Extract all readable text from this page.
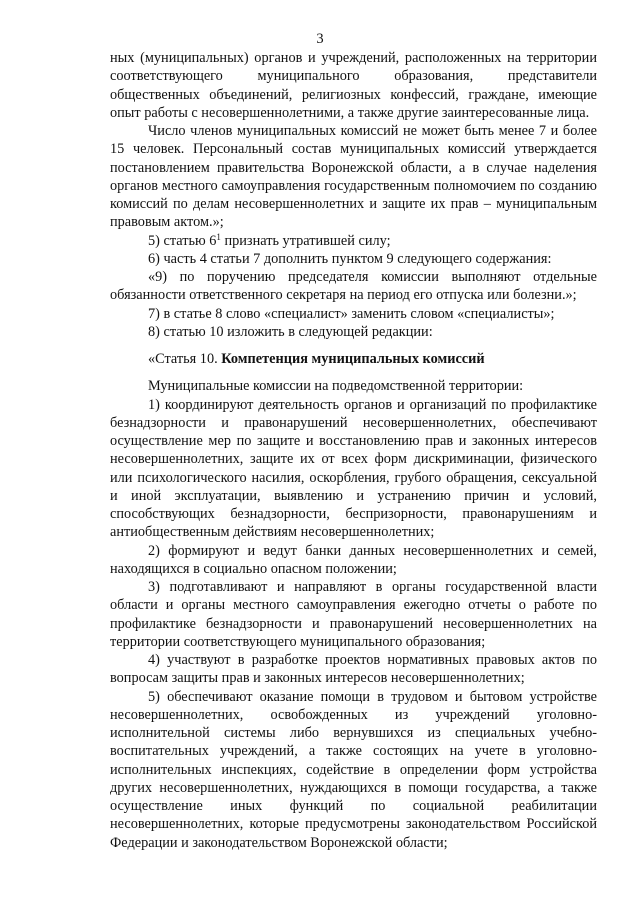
3

ных (муниципальных) органов и учреждений, расположенных на территории соответствующего муниципального образования, представители общественных объединений, религиозных конфессий, граждане, имеющие опыт работы с несовершеннолетними, а также другие заинтересованные лица.

Число членов муниципальных комиссий не может быть менее 7 и более 15 человек. Персональный состав муниципальных комиссий утверждается постановлением правительства Воронежской области, а в случае наделения органов местного самоуправления государственным полномочием по созданию комиссий по делам несовершеннолетних и защите их прав – муниципальным правовым актом.»;

5) статью $6^1$ признать утратившей силу;

6) часть 4 статьи 7 дополнить пунктом 9 следующего содержания:

«9) по поручению председателя комиссии выполняют отдельные обязанности ответственного секретаря на период его отпуска или болезни.»;

7) в статье 8 слово «специалист» заменить словом «специалисты»;

8) статью 10 изложить в следующей редакции:

«Статья 10. Компетенция муниципальных комиссий

Муниципальные комиссии на подведомственной территории:

1) координируют деятельность органов и организаций по профилактике безнадзорности и правонарушений несовершеннолетних, обеспечивают осуществление мер по защите и восстановлению прав и законных интересов несовершеннолетних, защите их от всех форм дискриминации, физического или психологического насилия, оскорбления, грубого обращения, сексуальной и иной эксплуатации, выявлению и устранению причин и условий, способствующих безнадзорности, беспризорности, правонарушениям и антиобщественным действиям несовершеннолетних;

2) формируют и ведут банки данных несовершеннолетних и семей, находящихся в социально опасном положении;

3) подготавливают и направляют в органы государственной власти области и органы местного самоуправления ежегодно отчеты о работе по профилактике безнадзорности и правонарушений несовершеннолетних на территории соответствующего муниципального образования;

4) участвуют в разработке проектов нормативных правовых актов по вопросам защиты прав и законных интересов несовершеннолетних;

5) обеспечивают оказание помощи в трудовом и бытовом устройстве несовершеннолетних, освобожденных из учреждений уголовно-исполнительной системы либо вернувшихся из специальных учебно-воспитательных учреждений, а также состоящих на учете в уголовно-исполнительных инспекциях, содействие в определении форм устройства других несовершеннолетних, нуждающихся в помощи государства, а также осуществление иных функций по социальной реабилитации несовершеннолетних, которые предусмотрены законодательством Российской Федерации и законодательством Воронежской области;
